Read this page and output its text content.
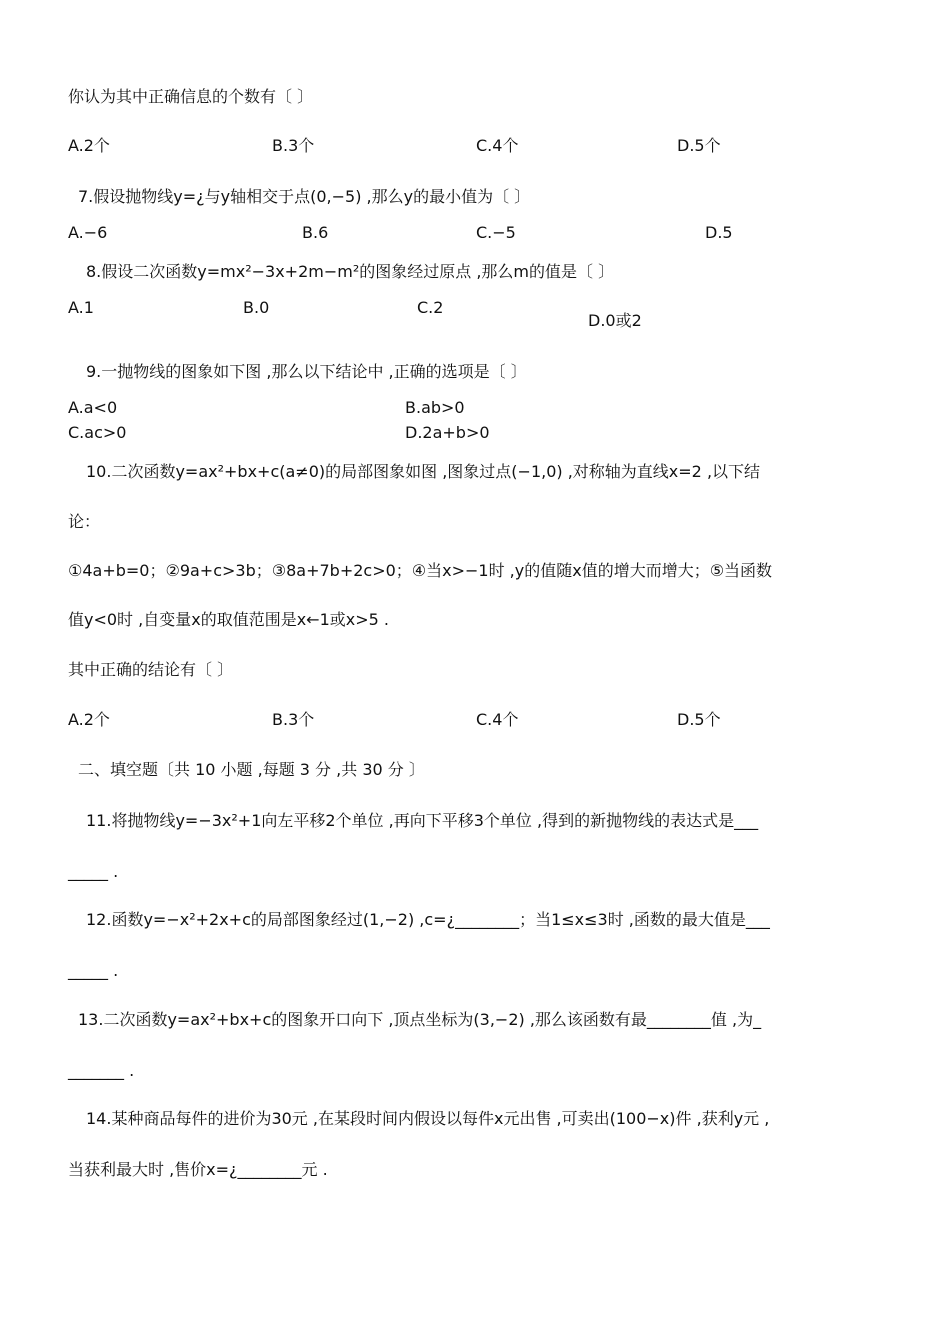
你认为其中正确信息的个数有〔 〕
A.2个	B.3个	C.4个	D.5个
7.假设抛物线y=¿与y轴相交于点(0,−5) ,那么y的最小值为〔 〕
A.−6	B.6	C.−5	D.5
8.假设二次函数y=mx²−3x+2m−m²的图象经过原点 ,那么m的值是〔 〕
A.1	B.0	C.2
D.0或2
9.一抛物线的图象如下图 ,那么以下结论中 ,正确的选项是〔 〕
A.a<0	B.ab>0
C.ac>0	D.2a+b>0
10.二次函数y=ax²+bx+c(a≠0)的局部图象如图 ,图象过点(−1,0) ,对称轴为直线x=2 ,以下结
论：
①4a+b=0；②9a+c>3b；③8a+7b+2c>0；④当x>−1时 ,y的值随x值的增大而增大；⑤当函数
值y<0时 ,自变量x的取值范围是x←1或x>5 .
其中正确的结论有〔 〕
A.2个	B.3个	C.4个	D.5个
二、填空题〔共 10 小题 ,每题 3 分 ,共 30 分 〕
11.将抛物线y=−3x²+1向左平移2个单位 ,再向下平移3个单位 ,得到的新抛物线的表达式是___
_____ .
12.函数y=−x²+2x+c的局部图象经过(1,−2) ,c=¿________；当1≤x≤3时 ,函数的最大值是___
_____ .
13.二次函数y=ax²+bx+c的图象开口向下 ,顶点坐标为(3,−2) ,那么该函数有最________值 ,为_
_______ .
14.某种商品每件的进价为30元 ,在某段时间内假设以每件x元出售 ,可卖出(100−x)件 ,获利y元 ,
当获利最大时 ,售价x=¿________元 .
